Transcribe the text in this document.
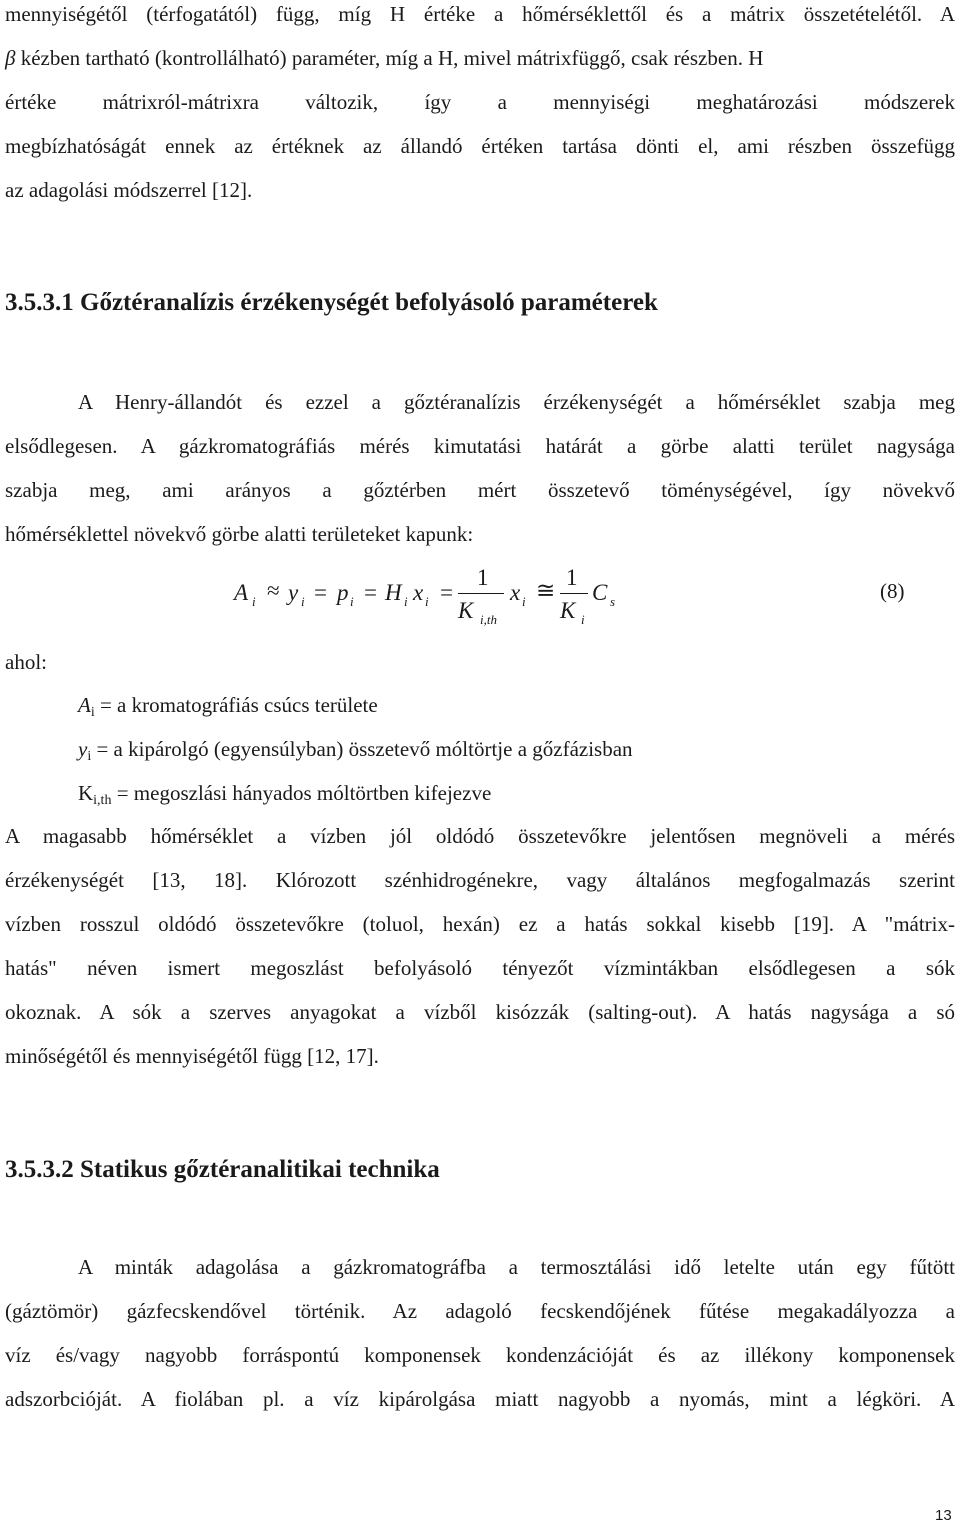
mennyiségétől (térfogatától) függ, míg H értéke a hőmérséklettől és a mátrix összetételétől. A
β kézben tartható (kontrollálható) paraméter, míg a H, mivel mátrixfüggő, csak részben. H
értéke mátrixról-mátrixra változik, így a mennyiségi meghatározási módszerek
megbízhatóságát ennek az értéknek az állandó értéken tartása dönti el, ami részben összefügg
az adagolási módszerrel [12].
3.5.3.1 Gőztéranalízis érzékenységét befolyásoló paraméterek
A Henry-állandót és ezzel a gőztéranalízis érzékenységét a hőmérséklet szabja meg
elsődlegesen. A gázkromatográfiás mérés kimutatási határát a görbe alatti terület nagysága
szabja meg, ami arányos a gőztérben mért összetevő töménységével, így növekvő
hőmérséklettel növekvő görbe alatti területeket kapunk:
A i ≈ y i = p i = H i x i =
1
K i,th
x i ≅
1
K i
C s	(8)
ahol:
$A_i = a$ kromatográfiás csúcs területe
$y_i = a$ kipárolgó (egyensúlyban) összetevő móltörtje a gőzfázisban
$K_{i,th}$ = megoszlási hányados móltörtben kifejezve
A magasabb hőmérséklet a vízben jól oldódó összetevőkre jelentősen megnöveli a mérés
érzékenységét [13, 18]. Klórozott szénhidrogénekre, vagy általános megfogalmazás szerint
vízben rosszul oldódó összetevőkre (toluol, hexán) ez a hatás sokkal kisebb [19]. A "mátrix-
hatás" néven ismert megoszlást befolyásoló tényezőt vízmintákban elsődlegesen a sók
okoznak. A sók a szerves anyagokat a vízből kisózzák (salting-out). A hatás nagysága a só
minőségétől és mennyiségétől függ [12, 17].
3.5.3.2 Statikus gőztéranalitikai technika
A minták adagolása a gázkromatográfba a termosztálási idő letelte után egy fűtött
(gáztömör) gázfecskendővel történik. Az adagoló fecskendőjének fűtése megakadályozza a
víz és/vagy nagyobb forráspontú komponensek kondenzációját és az illékony komponensek
adszorbcióját. A fiolában pl. a víz kipárolgása miatt nagyobb a nyomás, mint a légköri. A
13
